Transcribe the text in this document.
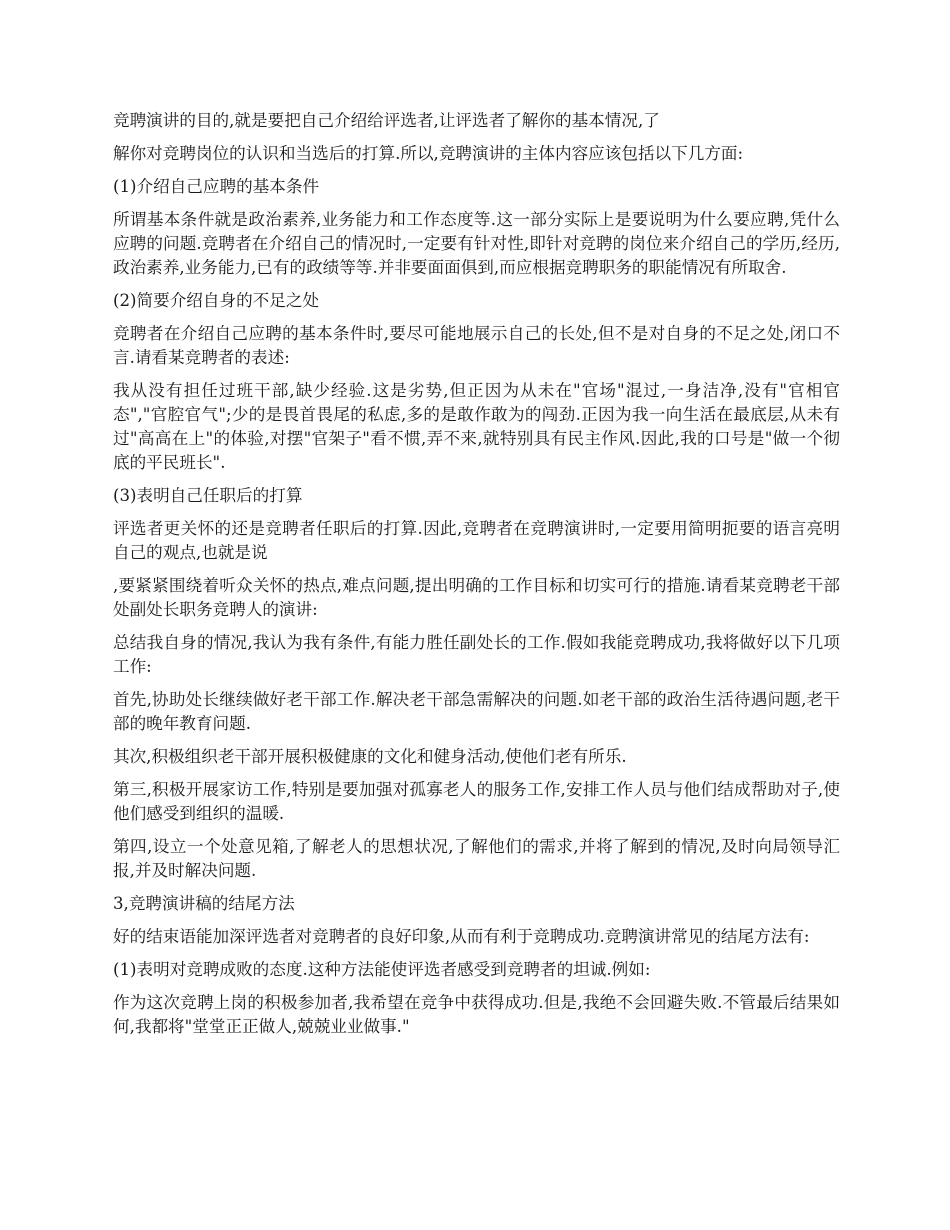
竞聘演讲的目的,就是要把自己介绍给评选者,让评选者了解你的基本情况,了

解你对竞聘岗位的认识和当选后的打算.所以,竞聘演讲的主体内容应该包括以下几方面:

(1)介绍自己应聘的基本条件

所谓基本条件就是政治素养,业务能力和工作态度等.这一部分实际上是要说明为什么要应聘,凭什么应聘的问题.竞聘者在介绍自己的情况时,一定要有针对性,即针对竞聘的岗位来介绍自己的学历,经历,政治素养,业务能力,已有的政绩等等.并非要面面俱到,而应根据竞聘职务的职能情况有所取舍.

(2)简要介绍自身的不足之处

竞聘者在介绍自己应聘的基本条件时,要尽可能地展示自己的长处,但不是对自身的不足之处,闭口不言.请看某竞聘者的表述:

我从没有担任过班干部,缺少经验.这是劣势,但正因为从未在"官场"混过,一身洁净,没有"官相官态","官腔官气";少的是畏首畏尾的私虑,多的是敢作敢为的闯劲.正因为我一向生活在最底层,从未有过"高高在上"的体验,对摆"官架子"看不惯,弄不来,就特别具有民主作风.因此,我的口号是"做一个彻底的平民班长".

(3)表明自己任职后的打算

评选者更关怀的还是竞聘者任职后的打算.因此,竞聘者在竞聘演讲时,一定要用简明扼要的语言亮明自己的观点,也就是说

,要紧紧围绕着听众关怀的热点,难点问题,提出明确的工作目标和切实可行的措施.请看某竞聘老干部处副处长职务竞聘人的演讲:

总结我自身的情况,我认为我有条件,有能力胜任副处长的工作.假如我能竞聘成功,我将做好以下几项工作:

首先,协助处长继续做好老干部工作.解决老干部急需解决的问题.如老干部的政治生活待遇问题,老干部的晚年教育问题.

其次,积极组织老干部开展积极健康的文化和健身活动,使他们老有所乐.

第三,积极开展家访工作,特别是要加强对孤寡老人的服务工作,安排工作人员与他们结成帮助对子,使他们感受到组织的温暖.

第四,设立一个处意见箱,了解老人的思想状况,了解他们的需求,并将了解到的情况,及时向局领导汇报,并及时解决问题.

3,竞聘演讲稿的结尾方法

好的结束语能加深评选者对竞聘者的良好印象,从而有利于竞聘成功.竞聘演讲常见的结尾方法有:

(1)表明对竞聘成败的态度.这种方法能使评选者感受到竞聘者的坦诚.例如:

作为这次竞聘上岗的积极参加者,我希望在竞争中获得成功.但是,我绝不会回避失败.不管最后结果如何,我都将"堂堂正正做人,兢兢业业做事."
